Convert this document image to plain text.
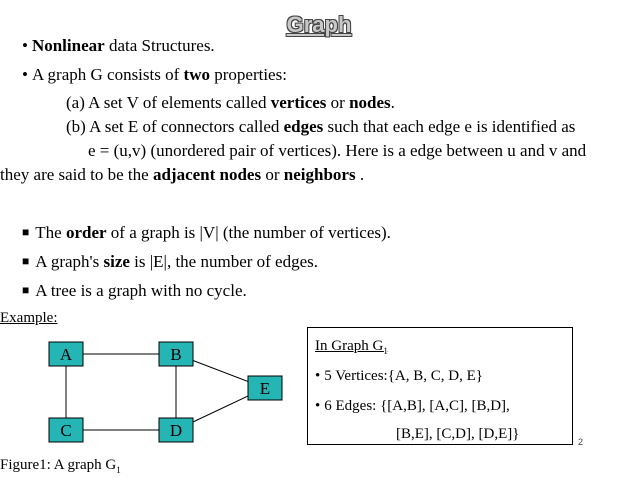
Graph
• Nonlinear data Structures.
• A graph G consists of two properties:
(a) A set V of elements called vertices or nodes.
(b) A set E of connectors called edges such that each edge e is identified as
e = (u,v) (unordered pair of vertices). Here is a edge between u and v and
they are said to be the adjacent nodes or neighbors .
■ The order of a graph is |V| (the number of vertices).
■ A graph's size is |E|, the number of edges.
■ A tree is a graph with no cycle.
Example:
A	B
C	D
E
Figure1: A graph $G_1$
In Graph $G_1$
• 5 Vertices:{A, B, C, D, E}
• 6 Edges: {[A,B], [A,C], [B,D],
[B,E], [C,D], [D,E]}	2
